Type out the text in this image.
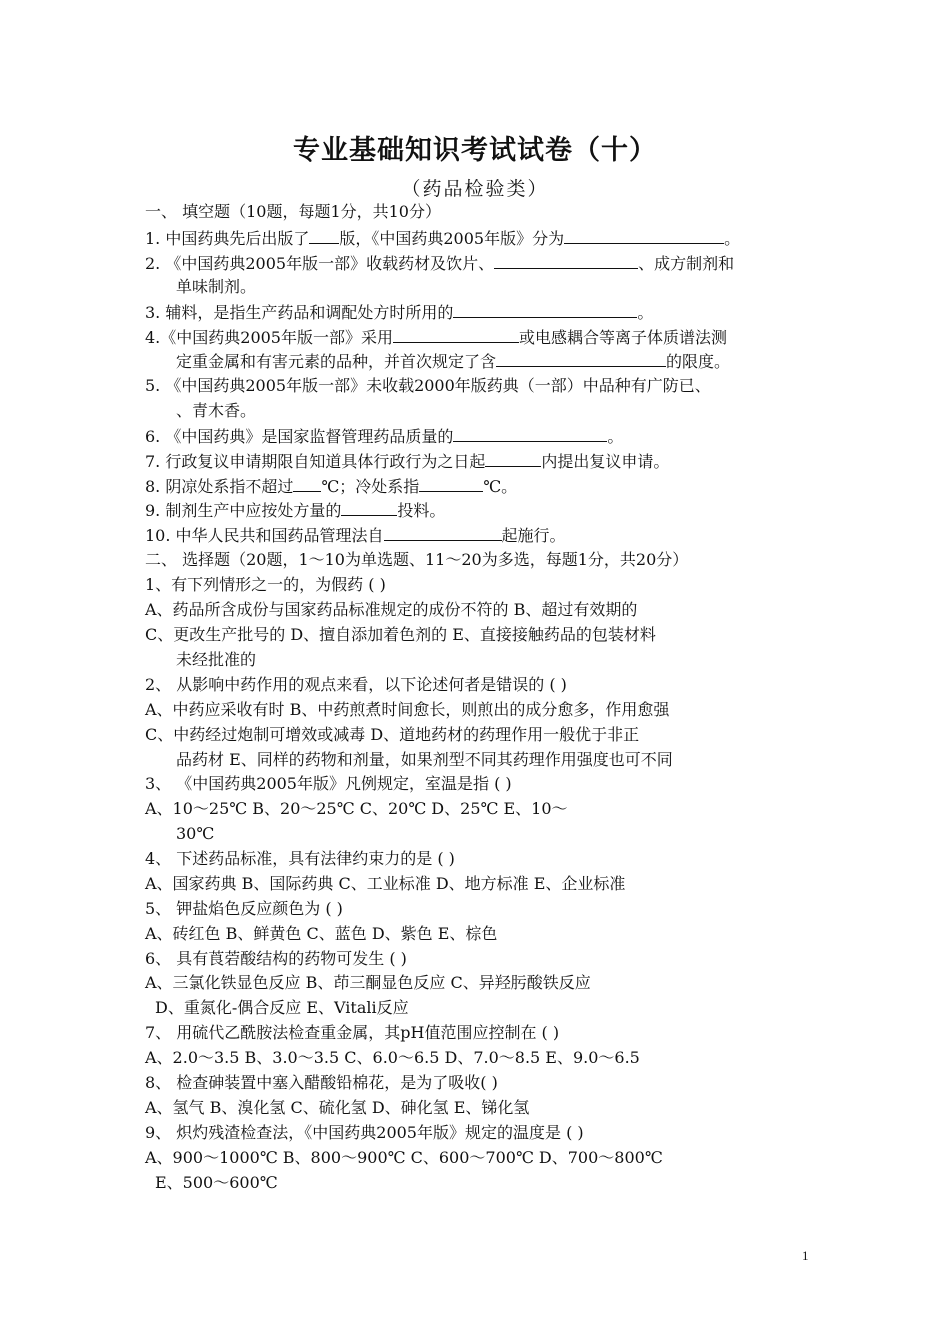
专业基础知识考试试卷（十）
（药品检验类）
一、 填空题（10题，每题1分，共10分）
1. 中国药典先后出版了 版，《中国药典2005年版》分为	。
2. 《中国药典2005年版一部》收载药材及饮片、	、成方制剂和
单味制剂。
3. 辅料，是指生产药品和调配处方时所用的	。
4.《中国药典2005年版一部》采用	或电感耦合等离子体质谱法测
定重金属和有害元素的品种，并首次规定了含	的限度。
5. 《中国药典2005年版一部》未收载2000年版药典（一部）中品种有广防已、
、青木香。
6. 《中国药典》是国家监督管理药品质量的	。
7. 行政复议申请期限自知道具体行政行为之日起	内提出复议申请。
8. 阴凉处系指不超过 ℃；冷处系指	℃。
9. 制剂生产中应按处方量的	投料。
10. 中华人民共和国药品管理法自	起施行。
二、 选择题（20题，1～10为单选题、11～20为多选，每题1分，共20分）
1、有下列情形之一的，为假药 ( )
A、药品所含成份与国家药品标准规定的成份不符的 B、超过有效期的
C、更改生产批号的 D、擅自添加着色剂的 E、直接接触药品的包装材料
未经批准的
2、 从影响中药作用的观点来看，以下论述何者是错误的 ( )
A、中药应采收有时 B、中药煎煮时间愈长，则煎出的成分愈多，作用愈强
C、中药经过炮制可增效或减毒 D、道地药材的药理作用一般优于非正
品药材 E、同样的药物和剂量，如果剂型不同其药理作用强度也可不同
3、 《中国药典2005年版》凡例规定，室温是指 ( )
A、10～25℃ B、20～25℃ C、20℃ D、25℃ E、10～
30℃
4、 下述药品标准，具有法律约束力的是 ( )
A、国家药典 B、国际药典 C、工业标准 D、地方标准 E、企业标准
5、 钾盐焰色反应颜色为 ( )
A、砖红色 B、鲜黄色 C、蓝色 D、紫色 E、棕色
6、 具有莨菪酸结构的药物可发生 ( )
A、三氯化铁显色反应 B、茚三酮显色反应 C、异羟肟酸铁反应
D、重氮化-偶合反应 E、Vitali反应
7、 用硫代乙酰胺法检查重金属，其pH值范围应控制在 ( )
A、2.0～3.5 B、3.0～3.5 C、6.0～6.5 D、7.0～8.5 E、9.0～6.5
8、 检查砷装置中塞入醋酸铅棉花，是为了吸收( )
A、氢气 B、溴化氢 C、硫化氢 D、砷化氢 E、锑化氢
9、 炽灼残渣检查法，《中国药典2005年版》规定的温度是 ( )
A、900～1000℃ B、800～900℃ C、600～700℃ D、700～800℃
E、500～600℃
1
